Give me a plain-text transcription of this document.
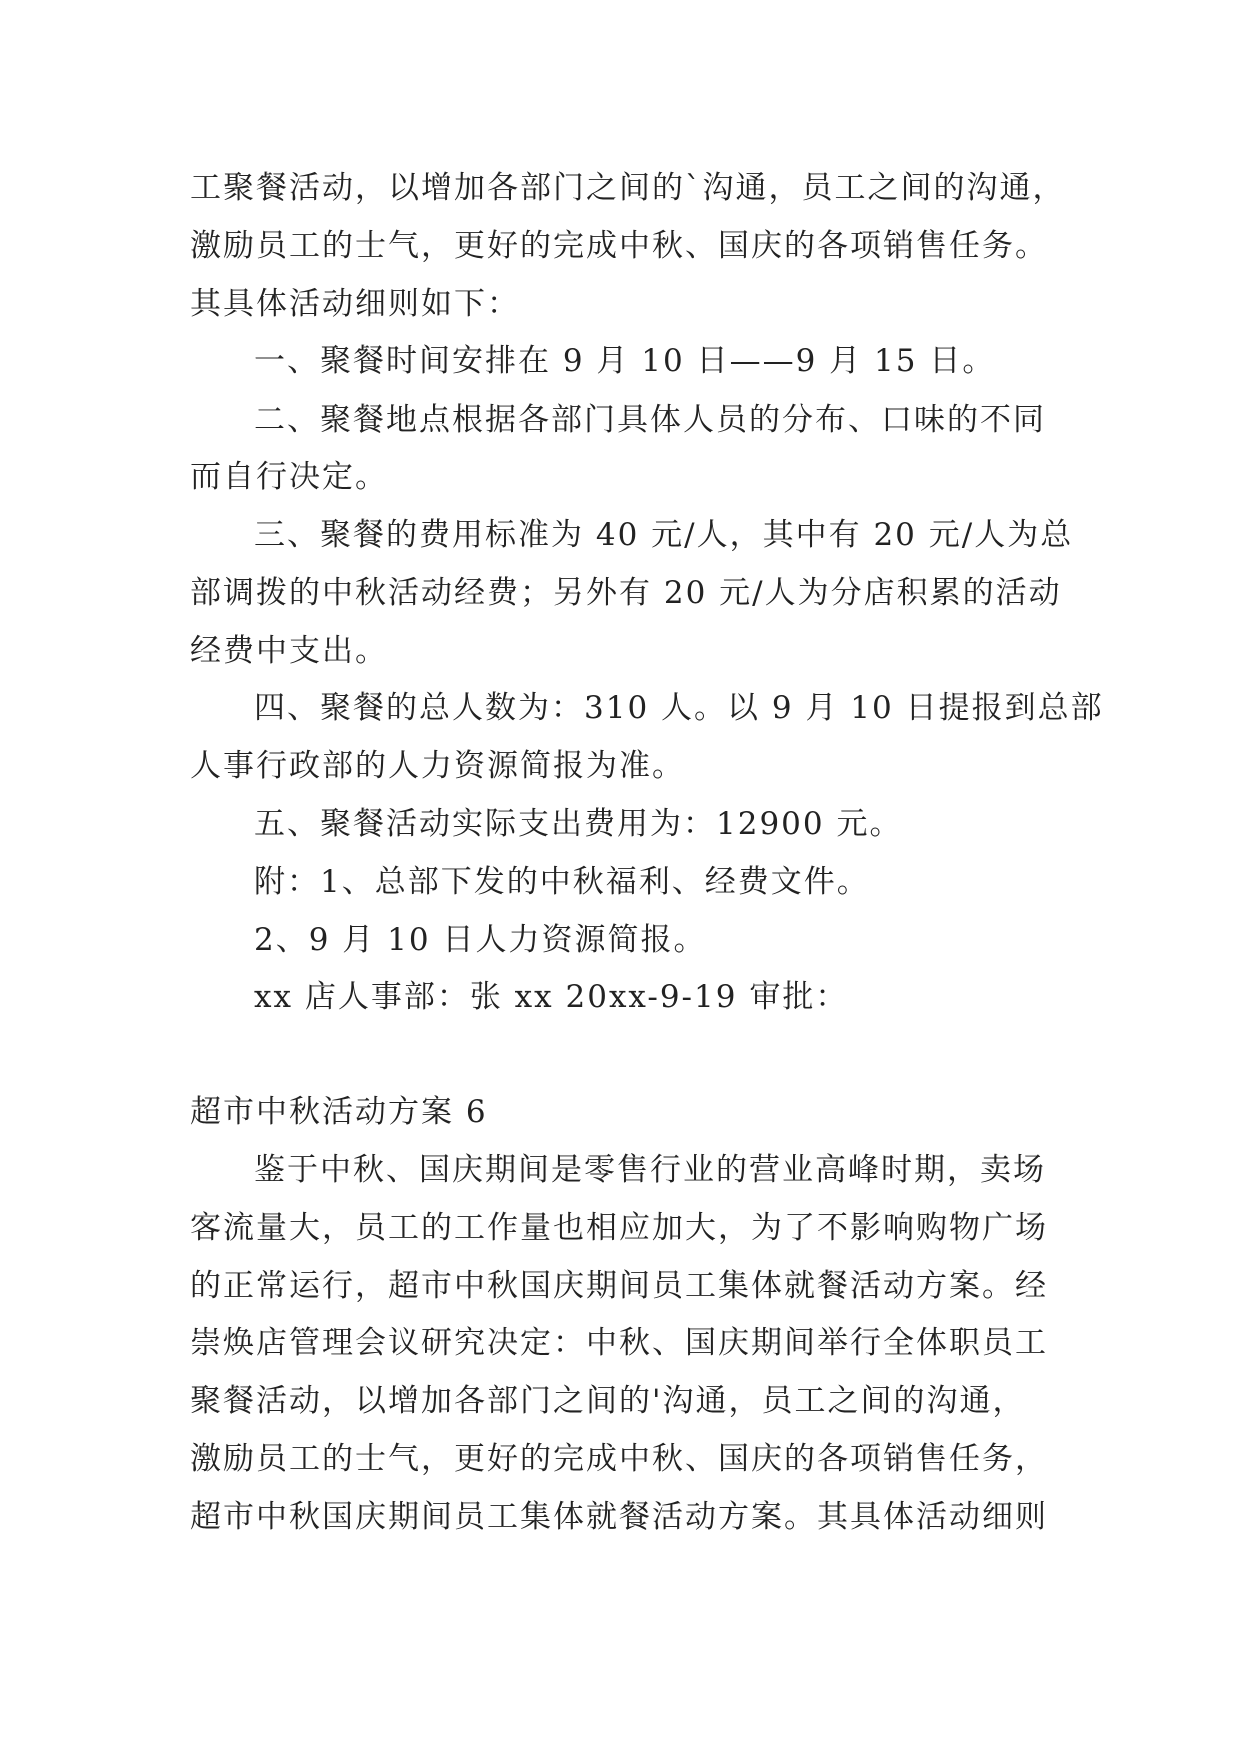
工聚餐活动，以增加各部门之间的`沟通，员工之间的沟通，
激励员工的士气，更好的完成中秋、国庆的各项销售任务。
其具体活动细则如下：
一、聚餐时间安排在 9 月 10 日——9 月 15 日。
二、聚餐地点根据各部门具体人员的分布、口味的不同
而自行决定。
三、聚餐的费用标准为 40 元/人，其中有 20 元/人为总
部调拨的中秋活动经费；另外有 20 元/人为分店积累的活动
经费中支出。
四、聚餐的总人数为：310 人。以 9 月 10 日提报到总部
人事行政部的人力资源简报为准。
五、聚餐活动实际支出费用为：12900 元。
附：1、总部下发的中秋福利、经费文件。
2、9 月 10 日人力资源简报。
xx 店人事部：张 xx 20xx-9-19 审批：
超市中秋活动方案 6
鉴于中秋、国庆期间是零售行业的营业高峰时期，卖场
客流量大，员工的工作量也相应加大，为了不影响购物广场
的正常运行，超市中秋国庆期间员工集体就餐活动方案。经
崇焕店管理会议研究决定：中秋、国庆期间举行全体职员工
聚餐活动，以增加各部门之间的'沟通，员工之间的沟通，
激励员工的士气，更好的完成中秋、国庆的各项销售任务，
超市中秋国庆期间员工集体就餐活动方案。其具体活动细则
